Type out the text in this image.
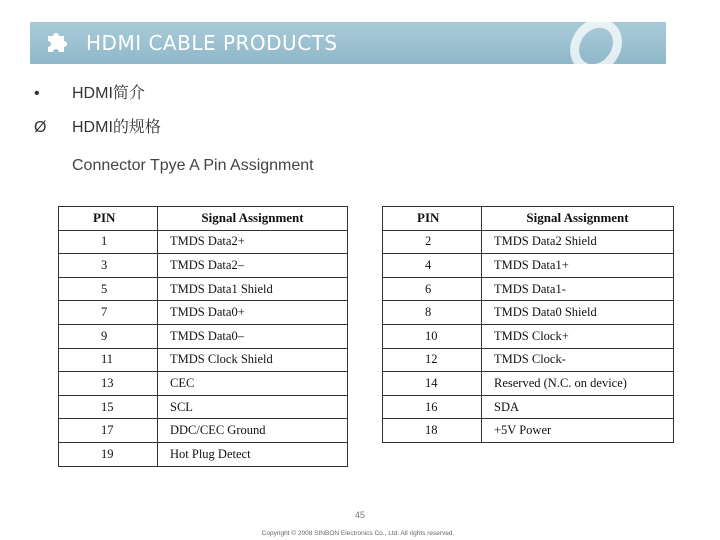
HDMI CABLE PRODUCTS
• HDMI简介
Ø HDMI的规格
Connector Tpye A Pin Assignment
PIN	Signal Assignment
1	TMDS Data2+
3	TMDS Data2–
5	TMDS Data1 Shield
7	TMDS Data0+
9	TMDS Data0–
11	TMDS Clock Shield
13	CEC
15	SCL
17	DDC/CEC Ground
19	Hot Plug Detect
PIN	Signal Assignment
2	TMDS Data2 Shield
4	TMDS Data1+
6	TMDS Data1-
8	TMDS Data0 Shield
10	TMDS Clock+
12	TMDS Clock-
14	Reserved (N.C. on device)
16	SDA
18	+5V Power
45
Copyright © 2008 SINBON Electronics Co., Ltd. All rights reserved.
